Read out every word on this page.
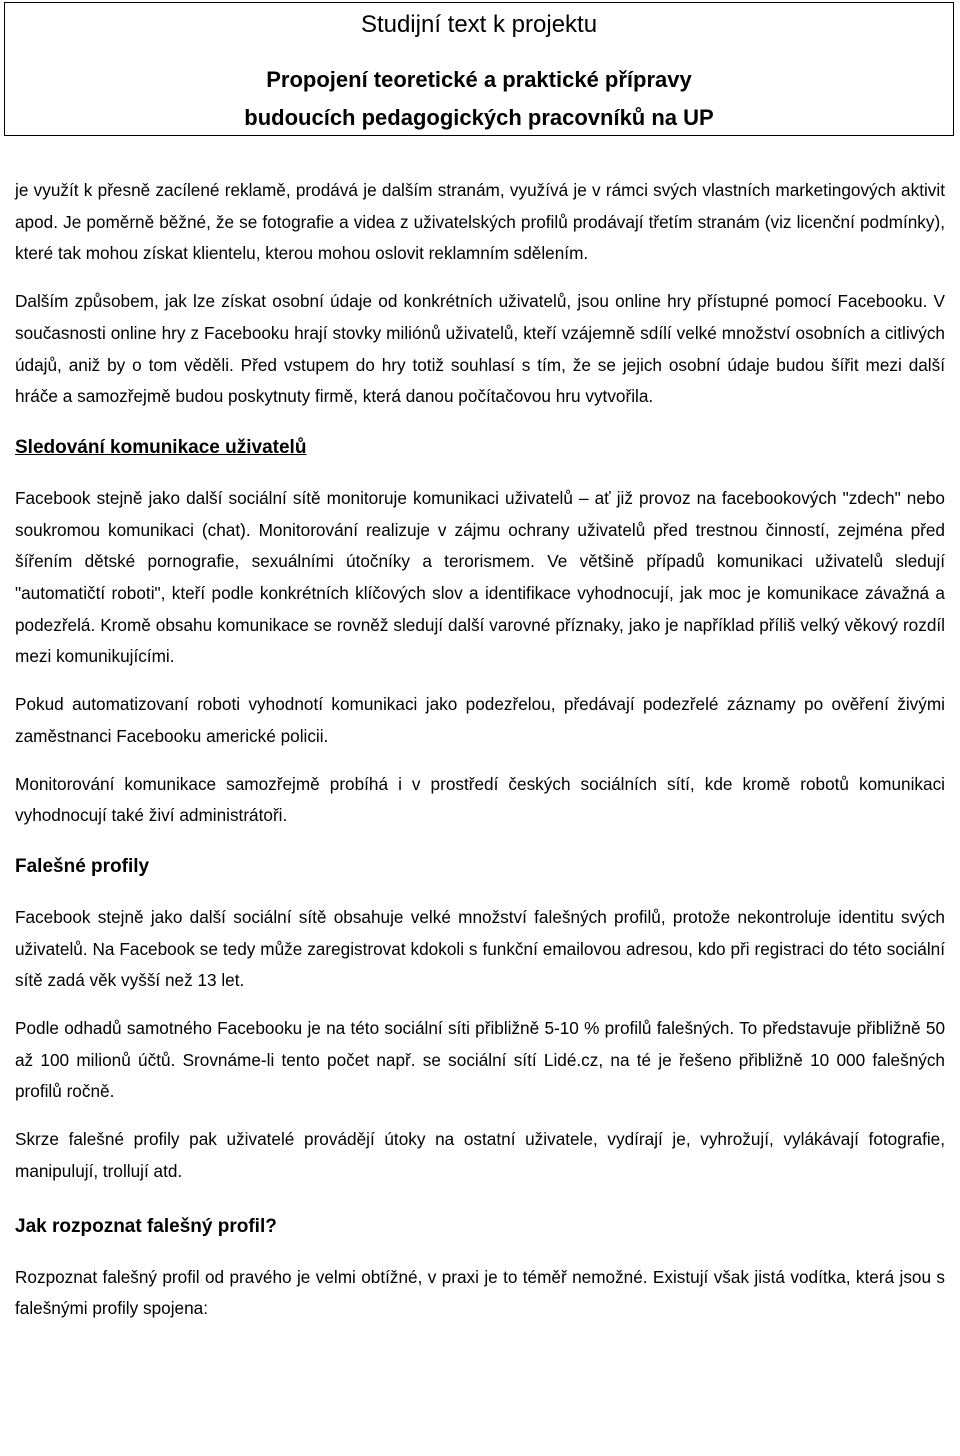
Studijní text k projektu
Propojení teoretické a praktické přípravy
budoucích pedagogických pracovníků na UP

je využít k přesně zacílené reklamě, prodává je dalším stranám, využívá je v rámci svých vlastních marketingových aktivit apod. Je poměrně běžné, že se fotografie a videa z uživatelských profilů prodávají třetím stranám (viz licenční podmínky), které tak mohou získat klientelu, kterou mohou oslovit reklamním sdělením.

Dalším způsobem, jak lze získat osobní údaje od konkrétních uživatelů, jsou online hry přístupné pomocí Facebooku. V současnosti online hry z Facebooku hrají stovky miliónů uživatelů, kteří vzájemně sdílí velké množství osobních a citlivých údajů, aniž by o tom věděli. Před vstupem do hry totiž souhlasí s tím, že se jejich osobní údaje budou šířit mezi další hráče a samozřejmě budou poskytnuty firmě, která danou počítačovou hru vytvořila.

Sledování komunikace uživatelů

Facebook stejně jako další sociální sítě monitoruje komunikaci uživatelů – ať již provoz na facebookových "zdech" nebo soukromou komunikaci (chat). Monitorování realizuje v zájmu ochrany uživatelů před trestnou činností, zejména před šířením dětské pornografie, sexuálními útočníky a terorismem. Ve většině případů komunikaci uživatelů sledují "automatičtí roboti", kteří podle konkrétních klíčových slov a identifikace vyhodnocují, jak moc je komunikace závažná a podezřelá. Kromě obsahu komunikace se rovněž sledují další varovné příznaky, jako je například příliš velký věkový rozdíl mezi komunikujícími.

Pokud automatizovaní roboti vyhodnotí komunikaci jako podezřelou, předávají podezřelé záznamy po ověření živými zaměstnanci Facebooku americké policii.

Monitorování komunikace samozřejmě probíhá i v prostředí českých sociálních sítí, kde kromě robotů komunikaci vyhodnocují také živí administrátoři.

Falešné profily

Facebook stejně jako další sociální sítě obsahuje velké množství falešných profilů, protože nekontroluje identitu svých uživatelů. Na Facebook se tedy může zaregistrovat kdokoli s funkční emailovou adresou, kdo při registraci do této sociální sítě zadá věk vyšší než 13 let.

Podle odhadů samotného Facebooku je na této sociální síti přibližně 5-10 % profilů falešných. To představuje přibližně 50 až 100 milionů účtů. Srovnáme-li tento počet např. se sociální sítí Lidé.cz, na té je řešeno přibližně 10 000 falešných profilů ročně.

Skrze falešné profily pak uživatelé provádějí útoky na ostatní uživatele, vydírají je, vyhrožují, vylákávají fotografie, manipulují, trollují atd.

Jak rozpoznat falešný profil?

Rozpoznat falešný profil od pravého je velmi obtížné, v praxi je to téměř nemožné. Existují však jistá vodítka, která jsou s falešnými profily spojena:
